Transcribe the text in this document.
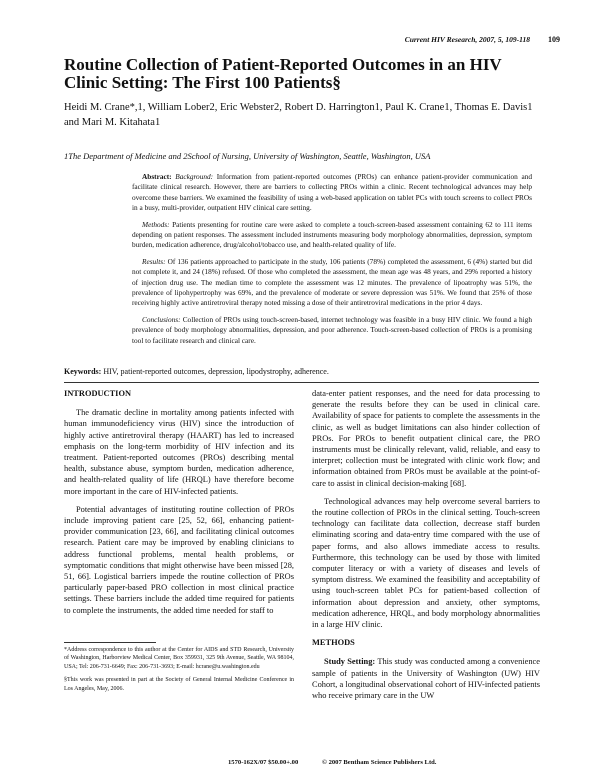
Current HIV Research, 2007, 5, 109-118 109
Routine Collection of Patient-Reported Outcomes in an HIV Clinic Setting: The First 100 Patients§
Heidi M. Crane*,1, William Lober2, Eric Webster2, Robert D. Harrington1, Paul K. Crane1, Thomas E. Davis1 and Mari M. Kitahata1
1The Department of Medicine and 2School of Nursing, University of Washington, Seattle, Washington, USA

Abstract: Background: Information from patient-reported outcomes (PROs) can enhance patient-provider communication and facilitate clinical research. However, there are barriers to collecting PROs within a clinic. Recent technological advances may help overcome these barriers. We examined the feasibility of using a web-based application on tablet PCs with touch screens to collect PROs in a busy, multi-provider, outpatient HIV clinical care setting.

Methods: Patients presenting for routine care were asked to complete a touch-screen-based assessment containing 62 to 111 items depending on patient responses. The assessment included instruments measuring body morphology abnormalities, depression, symptom burden, medication adherence, drug/alcohol/tobacco use, and health-related quality of life.

Results: Of 136 patients approached to participate in the study, 106 patients (78%) completed the assessment, 6 (4%) started but did not complete it, and 24 (18%) refused. Of those who completed the assessment, the mean age was 48 years, and 29% reported a history of injection drug use. The median time to complete the assessment was 12 minutes. The prevalence of lipoatrophy was 51%, the prevalence of lipohypertrophy was 69%, and the prevalence of moderate or severe depression was 51%. We found that 25% of those receiving highly active antiretroviral therapy noted missing a dose of their antiretroviral medications in the prior 4 days.

Conclusions: Collection of PROs using touch-screen-based, internet technology was feasible in a busy HIV clinic. We found a high prevalence of body morphology abnormalities, depression, and poor adherence. Touch-screen-based collection of PROs is a promising tool to facilitate research and clinical care.

Keywords: HIV, patient-reported outcomes, depression, lipodystrophy, adherence.

INTRODUCTION

The dramatic decline in mortality among patients infected with human immunodeficiency virus (HIV) since the introduction of highly active antiretroviral therapy (HAART) has led to increased emphasis on the long-term morbidity of HIV infection and its treatment. Patient-reported outcomes (PROs) describing mental health, substance abuse, symptom burden, medication adherence, and health-related quality of life (HRQL) have therefore become more important in the care of HIV-infected patients.

Potential advantages of instituting routine collection of PROs include improving patient care [25, 52, 66], enhancing patient-provider communication [23, 66], and facilitating clinical outcomes research. Patient care may be improved by enabling clinicians to address functional problems, mental health problems, or symptomatic conditions that might otherwise have been missed [28, 51, 66]. Logistical barriers impede the routine collection of PROs particularly paper-based PRO collection in most clinical practice settings. These barriers include the added time required for patients to complete the instruments, the added time needed for staff to

data-enter patient responses, and the need for data processing to generate the results before they can be used in clinical care. Availability of space for patients to complete the assessments in the clinic, as well as budget limitations can also hinder collection of PROs. For PROs to benefit outpatient clinical care, the PRO instruments must be clinically relevant, valid, reliable, and easy to interpret; collection must be integrated with clinic work flow; and information obtained from PROs must be available at the point-of-care to assist in clinical decision-making [68].

Technological advances may help overcome several barriers to the routine collection of PROs in the clinical setting. Touch-screen technology can facilitate data collection, decrease staff burden eliminating scoring and data-entry time compared with the use of paper forms, and also allows immediate access to results. Furthermore, this technology can be used by those with limited computer literacy or with a variety of diseases and levels of symptom distress. We examined the feasibility and acceptability of using touch-screen tablet PCs for patient-based collection of information about depression and anxiety, other symptoms, medication adherence, HRQL, and body morphology abnormalities in a large HIV clinic.

METHODS

Study Setting: This study was conducted among a convenience sample of patients in the University of Washington (UW) HIV Cohort, a longitudinal observational cohort of HIV-infected patients who receive primary care in the UW

*Address correspondence to this author at the Center for AIDS and STD Research, University of Washington, Harborview Medical Center, Box 359931, 325 9th Avenue, Seattle, WA 98104, USA; Tel: 206-731-6649; Fax: 206-731-3693; E-mail: hcrane@u.washington.edu

§This work was presented in part at the Society of General Internal Medicine Conference in Los Angeles, May, 2006.

1570-162X/07 $50.00+.00	© 2007 Bentham Science Publishers Ltd.
